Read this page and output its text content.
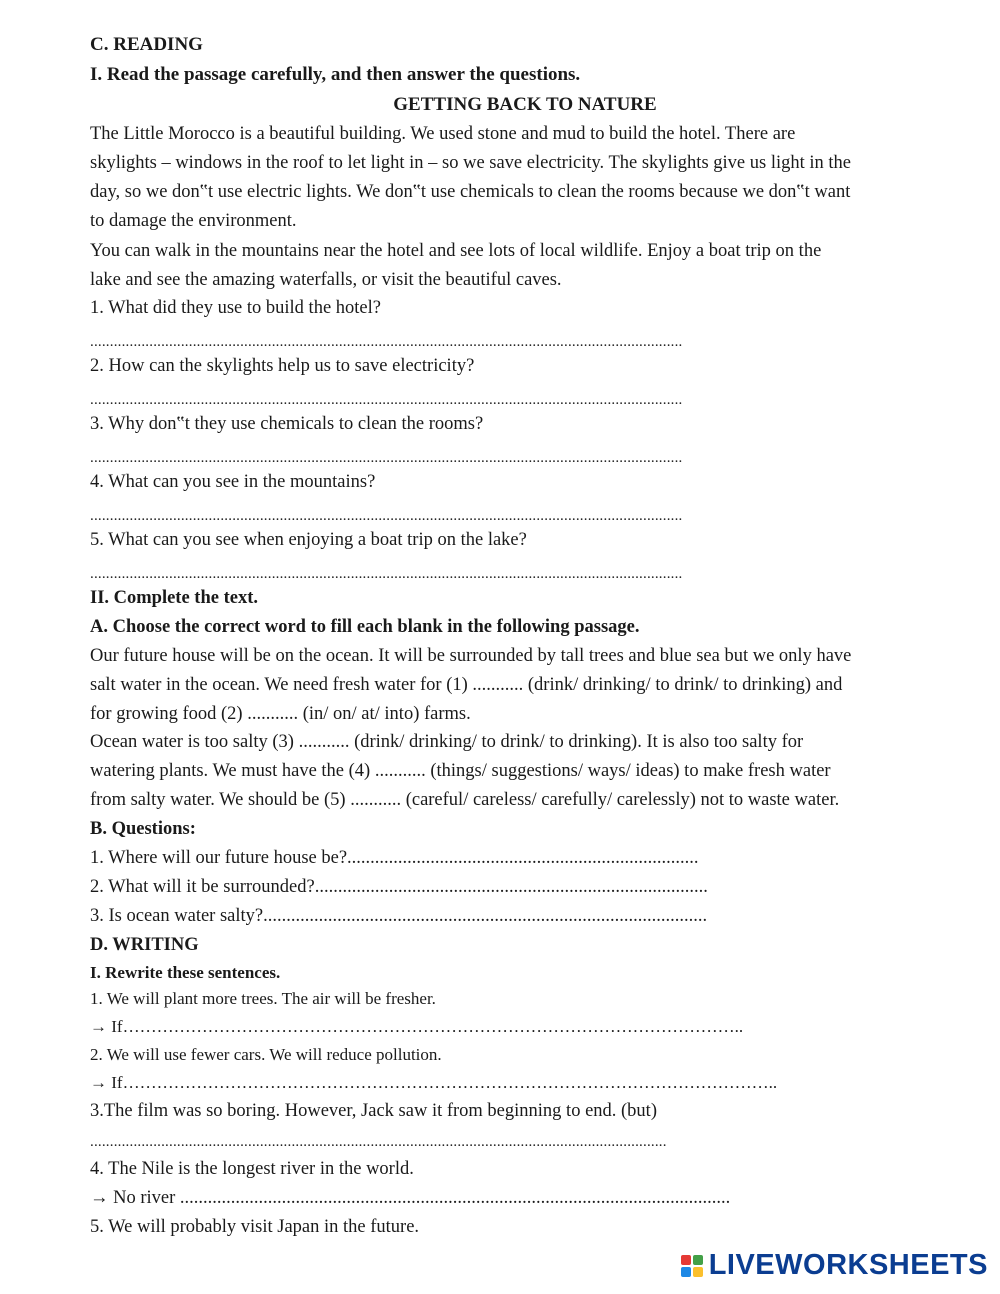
C. READING
I. Read the passage carefully, and then answer the questions.
GETTING BACK TO NATURE
The Little Morocco is a beautiful building. We used stone and mud to build the hotel. There are
skylights – windows in the roof to let light in – so we save electricity. The skylights give us light in the
day, so we don‟t use electric lights. We don‟t use chemicals to clean the rooms because we don‟t want
to damage the environment.
You can walk in the mountains near the hotel and see lots of local wildlife. Enjoy a boat trip on the
lake and see the amazing waterfalls, or visit the beautiful caves.
1. What did they use to build the hotel?
......................................................................................................................................................
2. How can the skylights help us to save electricity?
......................................................................................................................................................
3. Why don‟t they use chemicals to clean the rooms?
......................................................................................................................................................
4. What can you see in the mountains?
......................................................................................................................................................
5. What can you see when enjoying a boat trip on the lake?
......................................................................................................................................................
II. Complete the text.
A. Choose the correct word to fill each blank in the following passage.
Our future house will be on the ocean. It will be surrounded by tall trees and blue sea but we only have
salt water in the ocean. We need fresh water for (1) ........... (drink/ drinking/ to drink/ to drinking) and
for growing food (2) ........... (in/ on/ at/ into) farms.
Ocean water is too salty (3) ........... (drink/ drinking/ to drink/ to drinking). It is also too salty for
watering plants. We must have the (4) ........... (things/ suggestions/ ways/ ideas) to make fresh water
from salty water. We should be (5) ........... (careful/ careless/ carefully/ carelessly) not to waste water.
B. Questions:
1. Where will our future house be?............................................................................
2. What will it be surrounded?.....................................................................................
3. Is ocean water salty?................................................................................................
D. WRITING
I. Rewrite these sentences.
1. We will plant more trees. The air will be fresher.
→ If………………………………………………………………………………………………..
2. We will use fewer cars. We will reduce pollution.
→ If……………………………………………………………………………………………………..
3.The film was so boring. However, Jack saw it from beginning to end. (but)
..................................................................................................................................................
4. The Nile is the longest river in the world.
→ No river .......................................................................................................................
5. We will probably visit Japan in the future.
LIVEWORKSHEETS
